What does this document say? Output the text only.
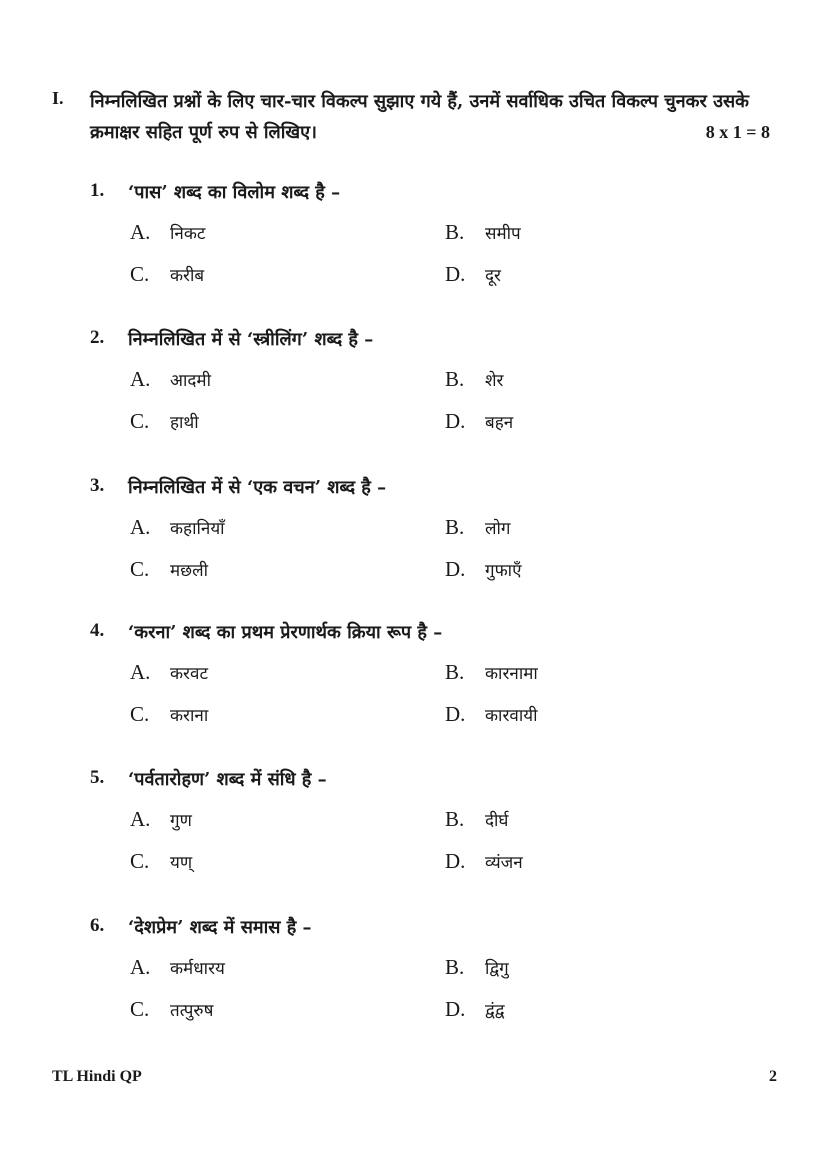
I. निम्नलिखित प्रश्नों के लिए चार-चार विकल्प सुझाए गये हैं, उनमें सर्वाधिक उचित विकल्प चुनकर उसके क्रमाक्षर सहित पूर्ण रुप से लिखिए।	8 x 1 = 8
1. ‘पास’ शब्द का विलोम शब्द है –
A. निकट	B. समीप
C. करीब	D. दूर
2. निम्नलिखित में से ‘स्त्रीलिंग’ शब्द है –
A. आदमी	B. शेर
C. हाथी	D. बहन
3. निम्नलिखित में से ‘एक वचन’ शब्द है –
A. कहानियाँ	B. लोग
C. मछली	D. गुफाएँ
4. ‘करना’ शब्द का प्रथम प्रेरणार्थक क्रिया रूप है –
A. करवट	B. कारनामा
C. कराना	D. कारवायी
5. ‘पर्वतारोहण’ शब्द में संधि है –
A. गुण	B. दीर्घ
C. यण्	D. व्यंजन
6. ‘देशप्रेम’ शब्द में समास है –
A. कर्मधारय	B. द्विगु
C. तत्पुरुष	D. द्वंद्व
TL Hindi QP	2
